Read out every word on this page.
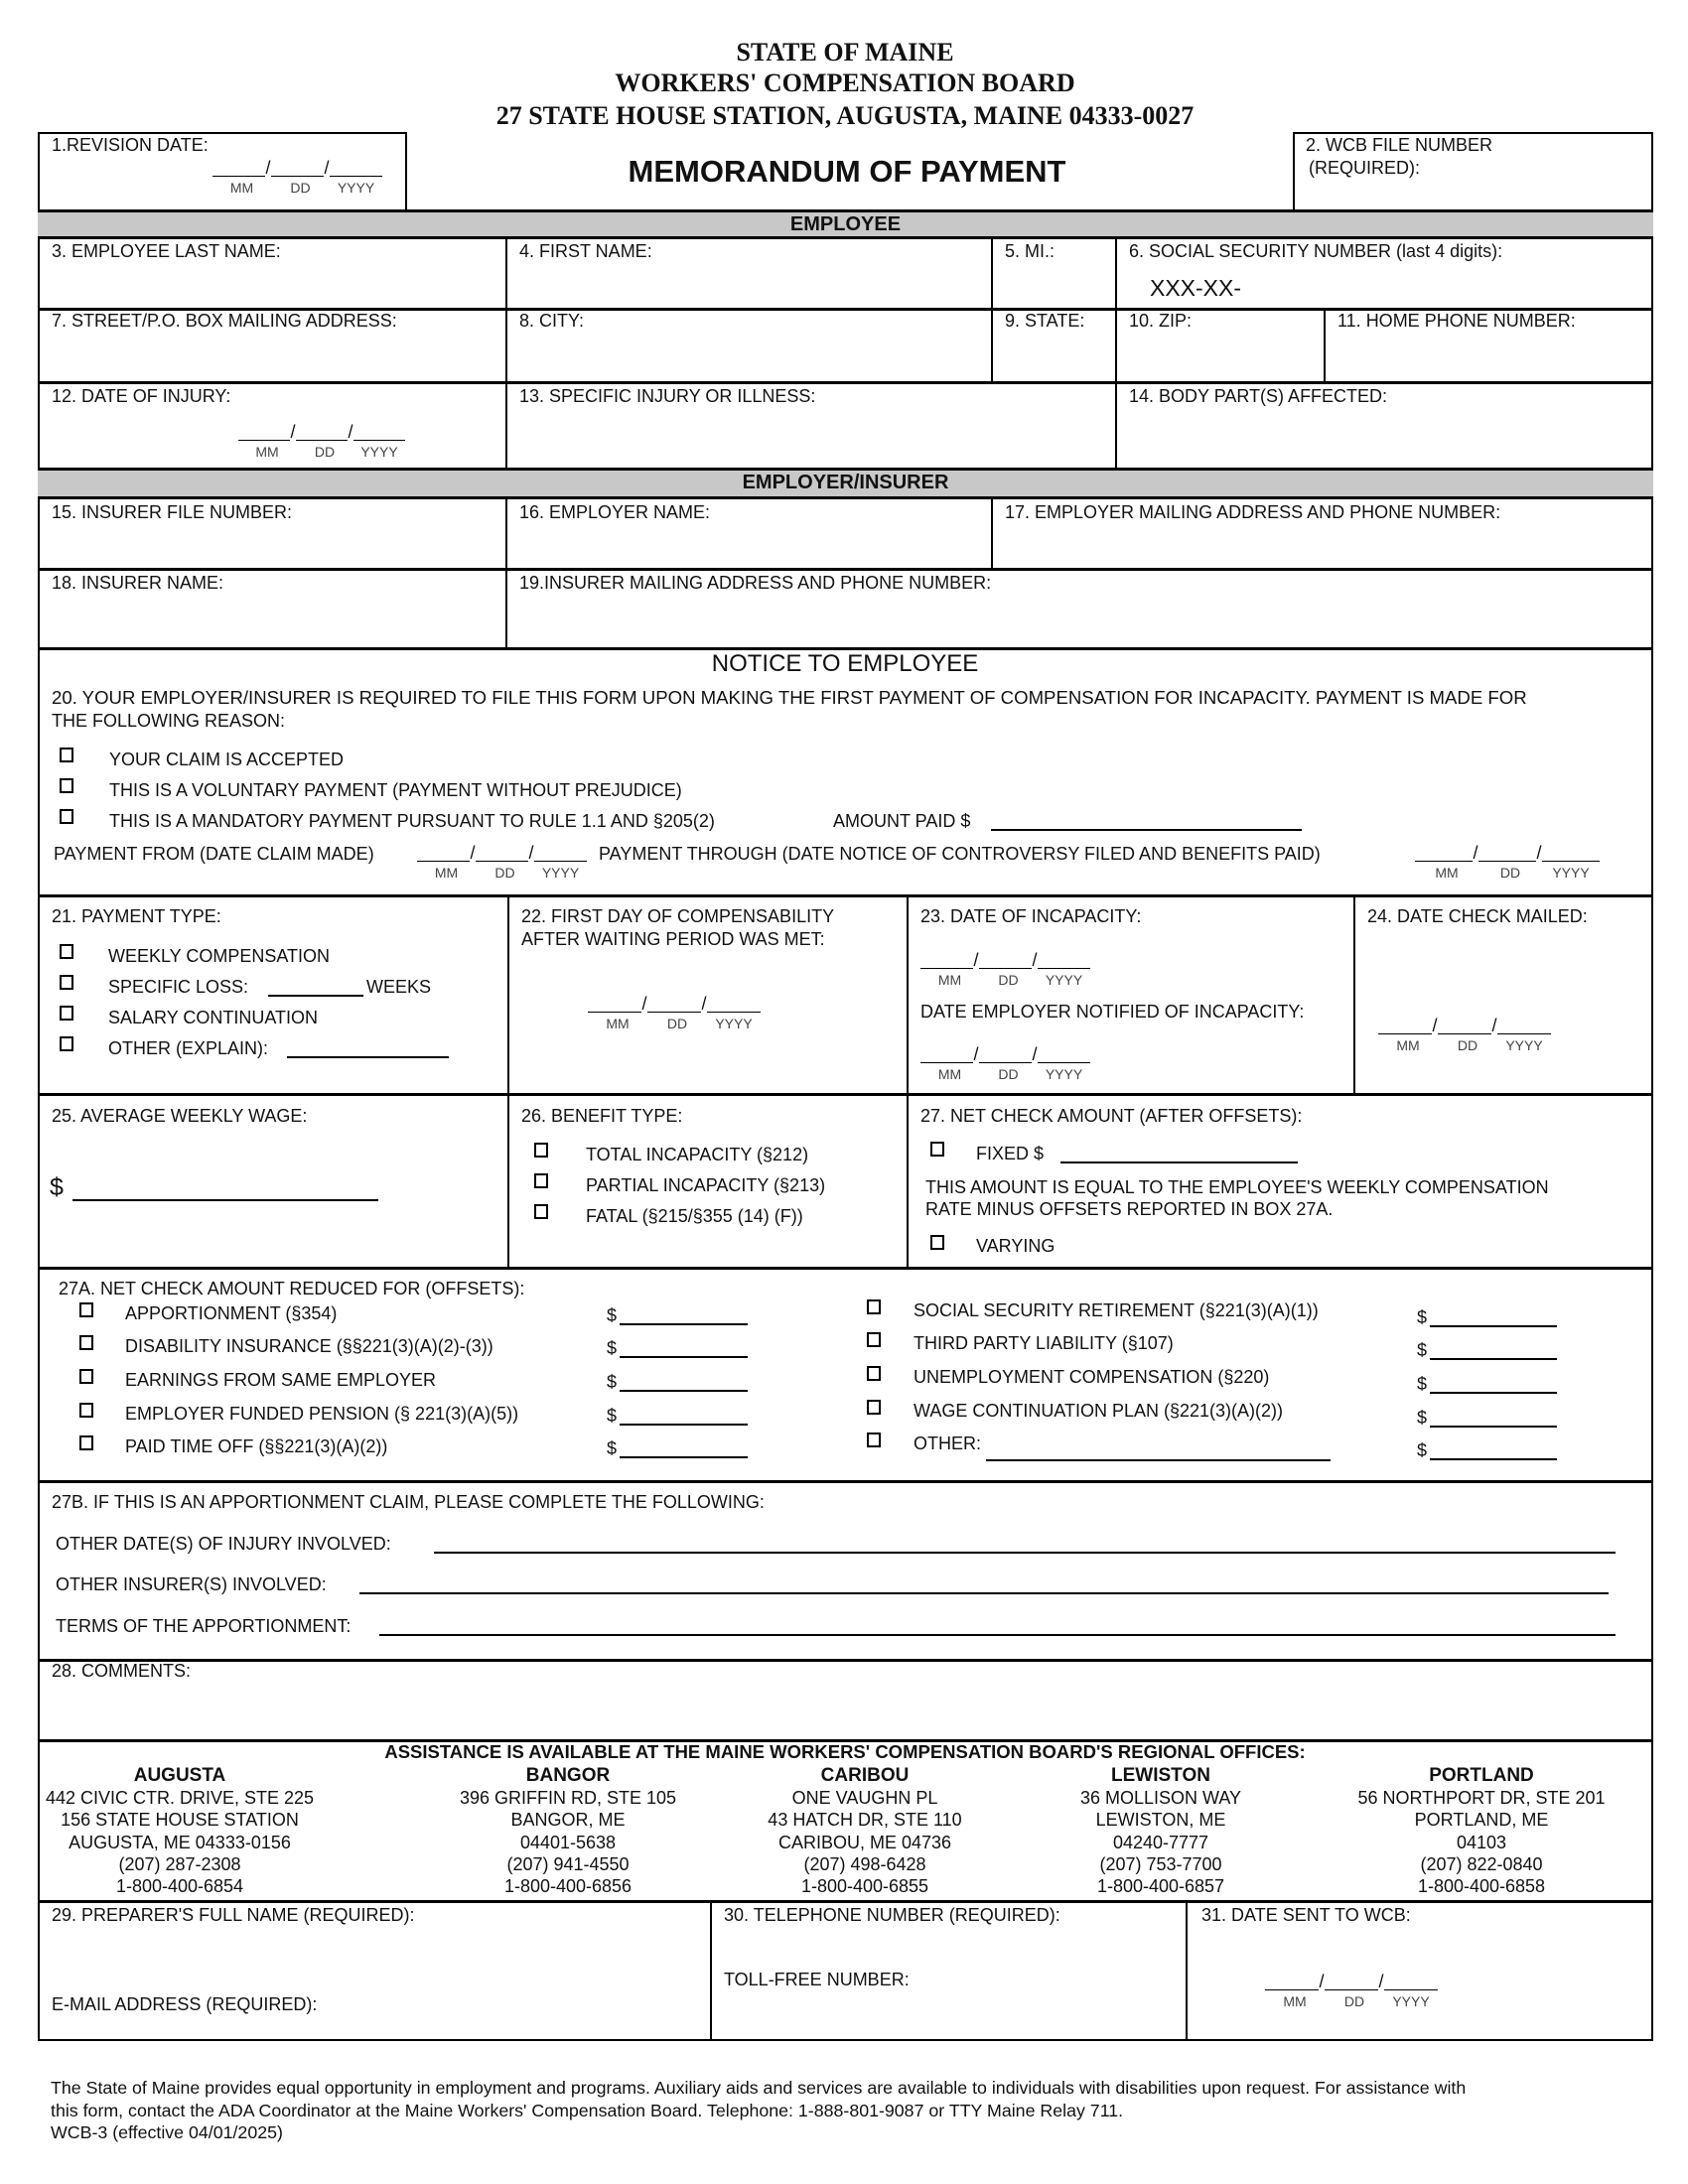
STATE OF MAINE
WORKERS' COMPENSATION BOARD
27 STATE HOUSE STATION, AUGUSTA, MAINE 04333-0027
1.REVISION DATE:
/	/
MM	DD	YYYY	MEMORANDUM OF PAYMENT
2. WCB FILE NUMBER
(REQUIRED):
EMPLOYEE
3. EMPLOYEE LAST NAME:	4. FIRST NAME:	5. MI.:	6. SOCIAL SECURITY NUMBER (last 4 digits):
XXX-XX-
7. STREET/P.O. BOX MAILING ADDRESS:	8. CITY:	9. STATE: 10. ZIP:	11. HOME PHONE NUMBER:
12. DATE OF INJURY:
/	/
MM	DD	YYYY
13. SPECIFIC INJURY OR ILLNESS:	14. BODY PART(S) AFFECTED:
EMPLOYER/INSURER
15. INSURER FILE NUMBER:	16. EMPLOYER NAME:	17. EMPLOYER MAILING ADDRESS AND PHONE NUMBER:
18. INSURER NAME:	19.INSURER MAILING ADDRESS AND PHONE NUMBER:
NOTICE TO EMPLOYEE
20. YOUR EMPLOYER/INSURER IS REQUIRED TO FILE THIS FORM UPON MAKING THE FIRST PAYMENT OF COMPENSATION FOR INCAPACITY. PAYMENT IS MADE FOR
THE FOLLOWING REASON:
YOUR CLAIM IS ACCEPTED
THIS IS A VOLUNTARY PAYMENT (PAYMENT WITHOUT PREJUDICE)
THIS IS A MANDATORY PAYMENT PURSUANT TO RULE 1.1 AND §205(2)	AMOUNT PAID $
PAYMENT FROM (DATE CLAIM MADE)	/	/
MM	DD	YYYY
PAYMENT THROUGH (DATE NOTICE OF CONTROVERSY FILED AND BENEFITS PAID)	/	/
MM	DD	YYYY
21. PAYMENT TYPE:
WEEKLY COMPENSATION
SPECIFIC LOSS:	WEEKS
SALARY CONTINUATION
OTHER (EXPLAIN):
22. FIRST DAY OF COMPENSABILITY
AFTER WAITING PERIOD WAS MET:
/	/
MM	DD	YYYY
23. DATE OF INCAPACITY:
/	/
MM	DD	YYYY
DATE EMPLOYER NOTIFIED OF INCAPACITY:
/	/
MM	DD	YYYY
24. DATE CHECK MAILED:
/	/
MM	DD	YYYY
25. AVERAGE WEEKLY WAGE:
$
26. BENEFIT TYPE:
TOTAL INCAPACITY (§212)
PARTIAL INCAPACITY (§213)
FATAL (§215/§355 (14) (F))
27. NET CHECK AMOUNT (AFTER OFFSETS):
FIXED $
THIS AMOUNT IS EQUAL TO THE EMPLOYEE'S WEEKLY COMPENSATION
RATE MINUS OFFSETS REPORTED IN BOX 27A.
VARYING
27A. NET CHECK AMOUNT REDUCED FOR (OFFSETS):
APPORTIONMENT (§354)	$	SOCIAL SECURITY RETIREMENT (§221(3)(A)(1))	$
DISABILITY INSURANCE (§§221(3)(A)(2)-(3))	$	THIRD PARTY LIABILITY (§107)	$
EARNINGS FROM SAME EMPLOYER	$	UNEMPLOYMENT COMPENSATION (§220)	$
EMPLOYER FUNDED PENSION (§ 221(3)(A)(5))	$	WAGE CONTINUATION PLAN (§221(3)(A)(2))	$
PAID TIME OFF (§§221(3)(A)(2))	$	OTHER:	$
27B. IF THIS IS AN APPORTIONMENT CLAIM, PLEASE COMPLETE THE FOLLOWING:
OTHER DATE(S) OF INJURY INVOLVED:
OTHER INSURER(S) INVOLVED:
TERMS OF THE APPORTIONMENT:
28. COMMENTS:
ASSISTANCE IS AVAILABLE AT THE MAINE WORKERS' COMPENSATION BOARD'S REGIONAL OFFICES:
AUGUSTA
442 CIVIC CTR. DRIVE, STE 225
156 STATE HOUSE STATION
AUGUSTA, ME 04333-0156
(207) 287-2308
1-800-400-6854
BANGOR
396 GRIFFIN RD, STE 105
BANGOR, ME
04401-5638
(207) 941-4550
1-800-400-6856
CARIBOU
ONE VAUGHN PL
43 HATCH DR, STE 110
CARIBOU, ME 04736
(207) 498-6428
1-800-400-6855
LEWISTON
36 MOLLISON WAY
LEWISTON, ME
04240-7777
(207) 753-7700
1-800-400-6857
PORTLAND
56 NORTHPORT DR, STE 201
PORTLAND, ME
04103
(207) 822-0840
1-800-400-6858
29. PREPARER'S FULL NAME (REQUIRED):
E-MAIL ADDRESS (REQUIRED):
30. TELEPHONE NUMBER (REQUIRED):
TOLL-FREE NUMBER:
31. DATE SENT TO WCB:
/	/
MM	DD	YYYY
The State of Maine provides equal opportunity in employment and programs. Auxiliary aids and services are available to individuals with disabilities upon request. For assistance with
this form, contact the ADA Coordinator at the Maine Workers' Compensation Board. Telephone: 1-888-801-9087 or TTY Maine Relay 711.
WCB-3 (effective 04/01/2025)
